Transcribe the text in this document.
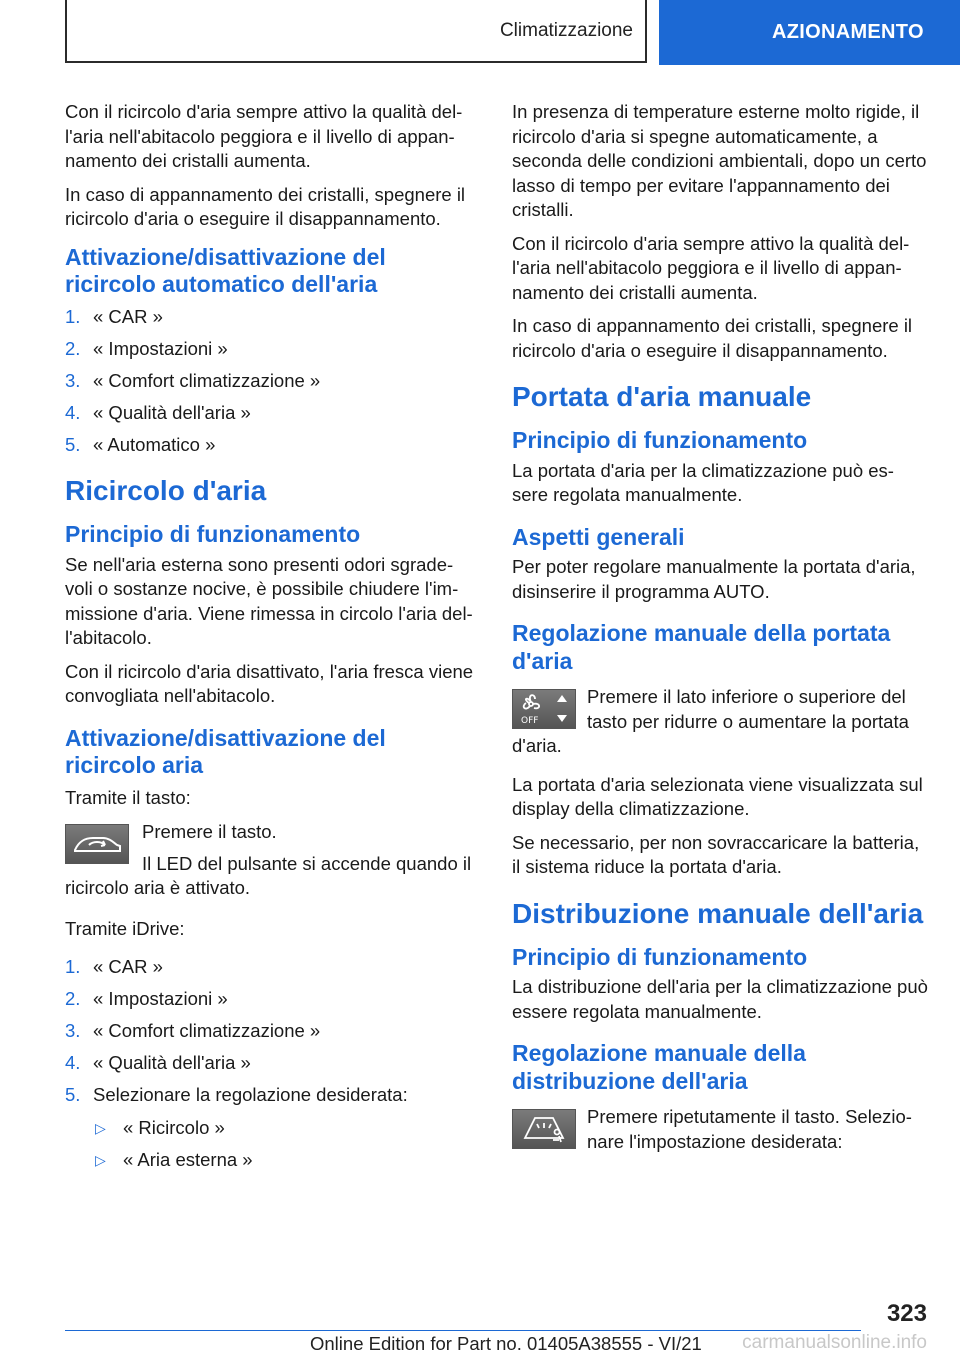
Climatizzazione	AZIONAMENTO

Con il ricircolo d'aria sempre attivo la qualità del- l'aria nell'abitacolo peggiora e il livello di appan- namento dei cristalli aumenta.

In caso di appannamento dei cristalli, spegnere il ricircolo d'aria o eseguire il disappannamento.

Attivazione/disattivazione del ricircolo automatico dell'aria
1. « CAR »
2. « Impostazioni »
3. « Comfort climatizzazione »
4. « Qualità dell'aria »
5. « Automatico »
Ricircolo d'aria
Principio di funzionamento

Se nell'aria esterna sono presenti odori sgrade- voli o sostanze nocive, è possibile chiudere l'im- missione d'aria. Viene rimessa in circolo l'aria del- l'abitacolo.

Con il ricircolo d'aria disattivato, l'aria fresca viene convogliata nell'abitacolo.

Attivazione/disattivazione del ricircolo aria

Tramite il tasto:

Premere il tasto.
Il LED del pulsante si accende quando il
ricircolo aria è attivato.

Tramite iDrive:

1. « CAR »
2. « Impostazioni »
3. « Comfort climatizzazione »
4. « Qualità dell'aria »
5. Selezionare la regolazione desiderata:
▷ « Ricircolo »
▷ « Aria esterna »

In presenza di temperature esterne molto rigide, il ricircolo d'aria si spegne automaticamente, a seconda delle condizioni ambientali, dopo un certo lasso di tempo per evitare l'appannamento dei cristalli.

Con il ricircolo d'aria sempre attivo la qualità del- l'aria nell'abitacolo peggiora e il livello di appan- namento dei cristalli aumenta.

In caso di appannamento dei cristalli, spegnere il ricircolo d'aria o eseguire il disappannamento.

Portata d'aria manuale
Principio di funzionamento

La portata d'aria per la climatizzazione può es- sere regolata manualmente.

Aspetti generali

Per poter regolare manualmente la portata d'aria, disinserire il programma AUTO.

Regolazione manuale della portata d'aria
OFF
Premere il lato inferiore o superiore del
tasto per ridurre o aumentare la portata
d'aria.

La portata d'aria selezionata viene visualizzata sul display della climatizzazione.

Se necessario, per non sovraccaricare la batteria, il sistema riduce la portata d'aria.

Distribuzione manuale dell'aria
Principio di funzionamento

La distribuzione dell'aria per la climatizzazione può essere regolata manualmente.

Regolazione manuale della distribuzione dell'aria
Premere ripetutamente il tasto. Selezio-
nare l'impostazione desiderata:
323
Online Edition for Part no. 01405A38555 - VI/21 carmanualsonline.info
